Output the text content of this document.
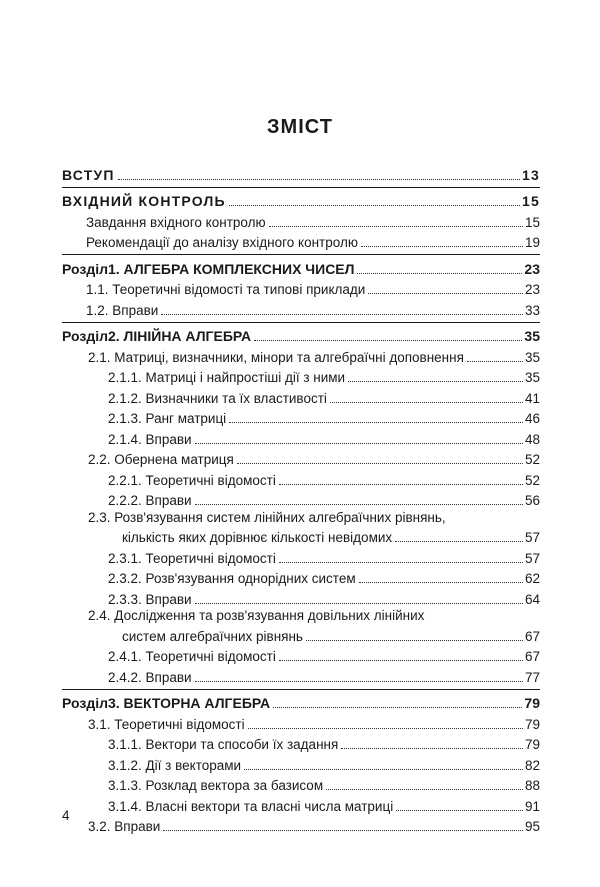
ЗМІСТ
ВСТУП	13
ВХІДНИЙ КОНТРОЛЬ	15
Завдання вхідного контролю	15
Рекомендації до аналізу вхідного контролю	19
Розділ1. АЛГЕБРА КОМПЛЕКСНИХ ЧИСЕЛ	23
1.1. Теоретичні відомості та типові приклади	23
1.2. Вправи	33
Розділ2. ЛІНІЙНА АЛГЕБРА	35
2.1. Матриці, визначники, мінори та алгебраїчні доповнення	35
2.1.1. Матриці і найпростіші дії з ними	35
2.1.2. Визначники та їх властивості	41
2.1.3. Ранг матриці	46
2.1.4. Вправи	48
2.2. Обернена матриця	52
2.2.1. Теоретичні відомості	52
2.2.2. Вправи	56
2.3. Розв'язування систем лінійних алгебраїчних рівнянь,
кількість яких дорівнює кількості невідомих	57
2.3.1. Теоретичні відомості	57
2.3.2. Розв'язування однорідних систем	62
2.3.3. Вправи	64
2.4. Дослідження та розв'язування довільних лінійних
систем алгебраїчних рівнянь	67
2.4.1. Теоретичні відомості	67
2.4.2. Вправи	77
Розділ3. ВЕКТОРНА АЛГЕБРА	79
3.1. Теоретичні відомості	79
3.1.1. Вектори та способи їх задання	79
3.1.2. Дії з векторами	82
3.1.3. Розклад вектора за базисом	88
3.1.4. Власні вектори та власні числа матриці	91
3.2. Вправи	95
4
